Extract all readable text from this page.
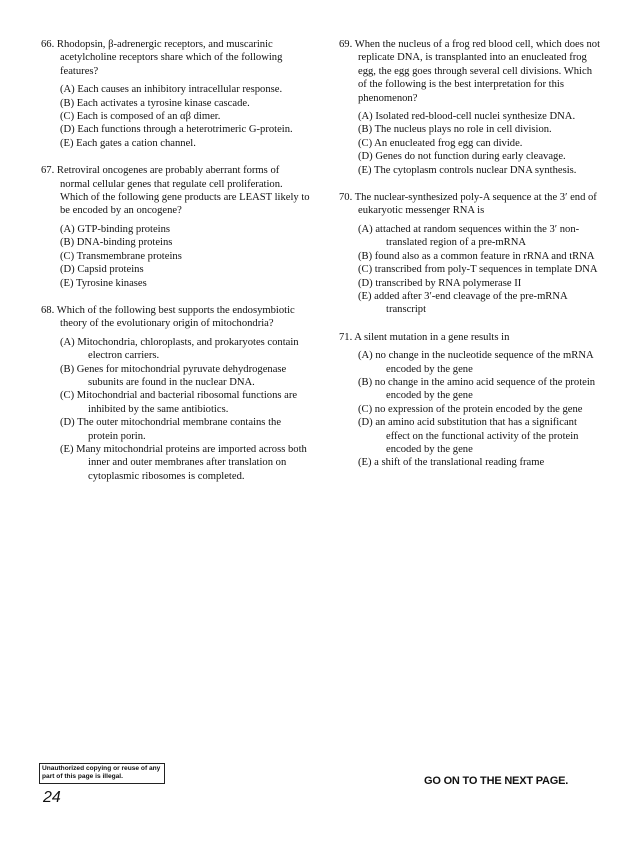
66. Rhodopsin, β-adrenergic receptors, and muscarinic acetylcholine receptors share which of the following features?
(A) Each causes an inhibitory intracellular response.
(B) Each activates a tyrosine kinase cascade.
(C) Each is composed of an αβ dimer.
(D) Each functions through a heterotrimeric G-protein.
(E) Each gates a cation channel.
67. Retroviral oncogenes are probably aberrant forms of normal cellular genes that regulate cell proliferation. Which of the following gene products are LEAST likely to be encoded by an oncogene?
(A) GTP-binding proteins
(B) DNA-binding proteins
(C) Transmembrane proteins
(D) Capsid proteins
(E) Tyrosine kinases
68. Which of the following best supports the endosymbiotic theory of the evolutionary origin of mitochondria?
(A) Mitochondria, chloroplasts, and prokaryotes contain electron carriers.
(B) Genes for mitochondrial pyruvate dehydrogenase subunits are found in the nuclear DNA.
(C) Mitochondrial and bacterial ribosomal functions are inhibited by the same antibiotics.
(D) The outer mitochondrial membrane contains the protein porin.
(E) Many mitochondrial proteins are imported across both inner and outer membranes after translation on cytoplasmic ribosomes is completed.
69. When the nucleus of a frog red blood cell, which does not replicate DNA, is transplanted into an enucleated frog egg, the egg goes through several cell divisions. Which of the following is the best interpretation for this phenomenon?
(A) Isolated red-blood-cell nuclei synthesize DNA.
(B) The nucleus plays no role in cell division.
(C) An enucleated frog egg can divide.
(D) Genes do not function during early cleavage.
(E) The cytoplasm controls nuclear DNA synthesis.
70. The nuclear-synthesized poly-A sequence at the 3′ end of eukaryotic messenger RNA is
(A) attached at random sequences within the 3′ non-translated region of a pre-mRNA
(B) found also as a common feature in rRNA and tRNA
(C) transcribed from poly-T sequences in template DNA
(D) transcribed by RNA polymerase II
(E) added after 3′-end cleavage of the pre-mRNA transcript
71. A silent mutation in a gene results in
(A) no change in the nucleotide sequence of the mRNA encoded by the gene
(B) no change in the amino acid sequence of the protein encoded by the gene
(C) no expression of the protein encoded by the gene
(D) an amino acid substitution that has a significant effect on the functional activity of the protein encoded by the gene
(E) a shift of the translational reading frame
Unauthorized copying or reuse of any part of this page is illegal.	GO ON TO THE NEXT PAGE.
24
